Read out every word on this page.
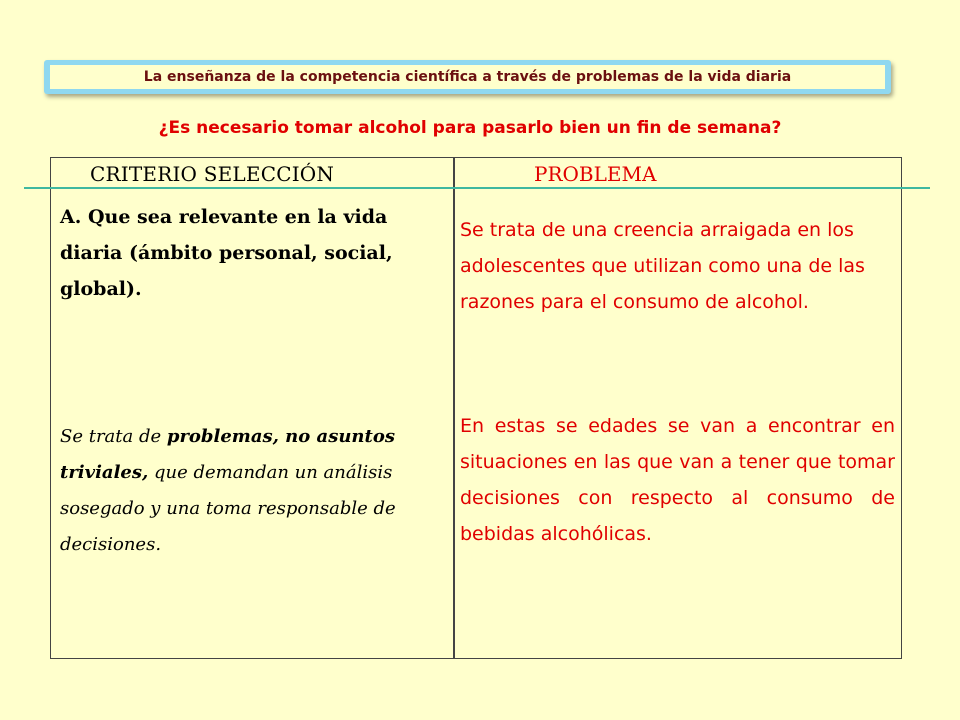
La enseñanza de la competencia científica a través de problemas de la vida diaria
¿Es necesario tomar alcohol para pasarlo bien un fin de semana?
CRITERIO SELECCIÓN	PROBLEMA
A. Que sea relevante en la vida diaria (ámbito personal, social, global).
Se trata de problemas, no asuntos triviales, que demandan un análisis sosegado y una toma responsable de decisiones.
Se trata de una creencia arraigada en los adolescentes que utilizan como una de las razones para el consumo de alcohol.
En estas se edades se van a encontrar en situaciones en las que van a tener que tomar decisiones con respecto al consumo de bebidas alcohólicas.
